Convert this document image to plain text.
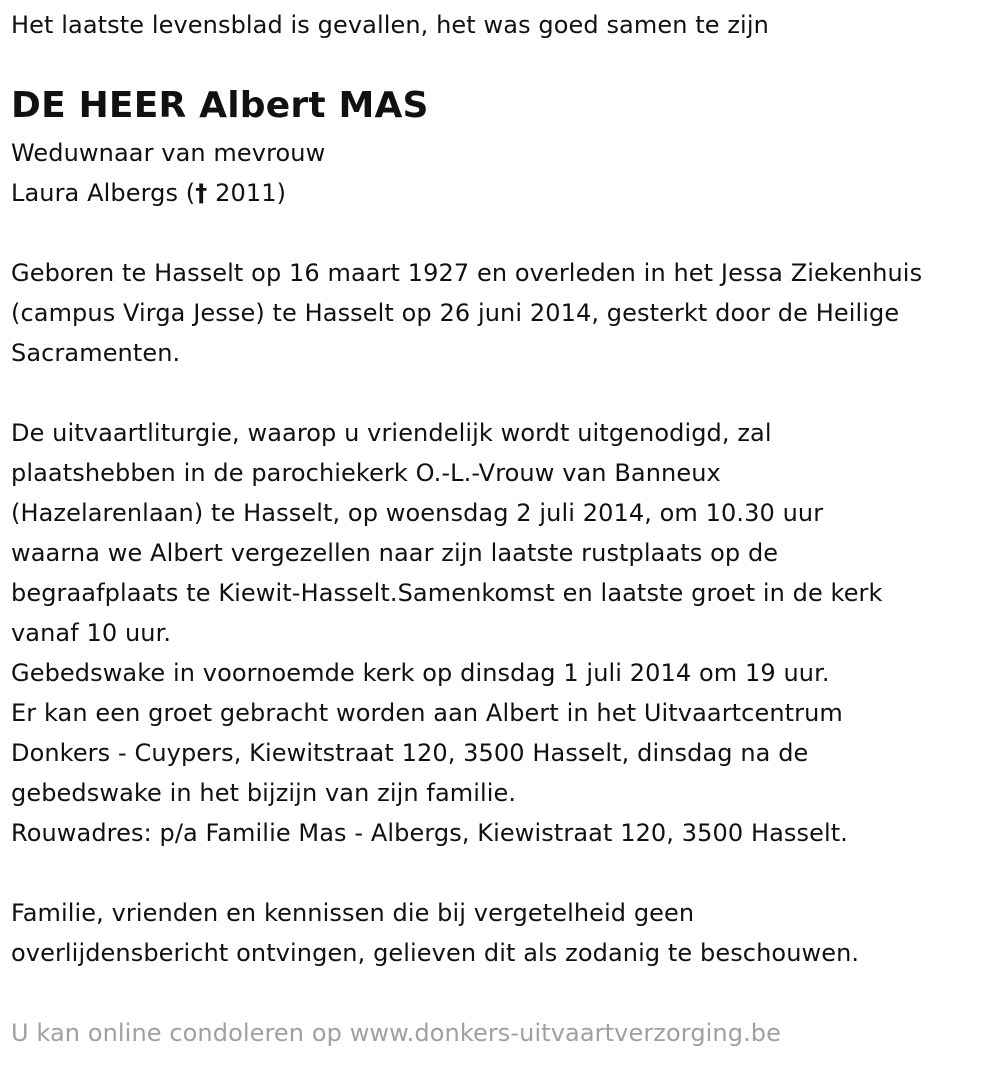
Het laatste levensblad is gevallen, het was goed samen te zijn
DE HEER Albert MAS
Weduwnaar van mevrouw
Laura Albergs († 2011)
Geboren te Hasselt op 16 maart 1927 en overleden in het Jessa Ziekenhuis
(campus Virga Jesse) te Hasselt op 26 juni 2014, gesterkt door de Heilige
Sacramenten.
De uitvaartliturgie, waarop u vriendelijk wordt uitgenodigd, zal
plaatshebben in de parochiekerk O.-L.-Vrouw van Banneux
(Hazelarenlaan) te Hasselt, op woensdag 2 juli 2014, om 10.30 uur
waarna we Albert vergezellen naar zijn laatste rustplaats op de
begraafplaats te Kiewit-Hasselt.Samenkomst en laatste groet in de kerk
vanaf 10 uur.
Gebedswake in voornoemde kerk op dinsdag 1 juli 2014 om 19 uur.
Er kan een groet gebracht worden aan Albert in het Uitvaartcentrum
Donkers - Cuypers, Kiewitstraat 120, 3500 Hasselt, dinsdag na de
gebedswake in het bijzijn van zijn familie.
Rouwadres: p/a Familie Mas - Albergs, Kiewistraat 120, 3500 Hasselt.
Familie, vrienden en kennissen die bij vergetelheid geen
overlijdensbericht ontvingen, gelieven dit als zodanig te beschouwen.
U kan online condoleren op www.donkers-uitvaartverzorging.be
